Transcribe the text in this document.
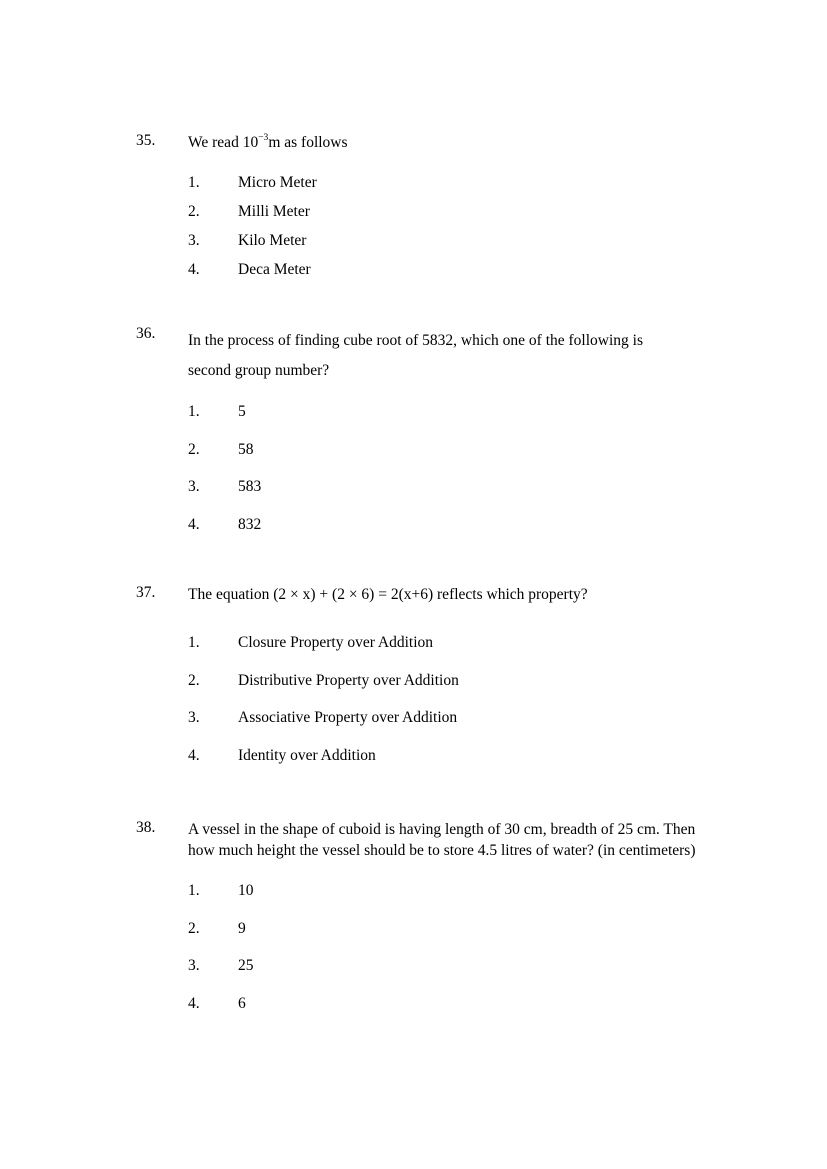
35.	We read $10^{-3}m$ as follows
1.	Micro Meter
2.	Milli Meter
3.	Kilo Meter
4.	Deca Meter
36.	In the process of finding cube root of 5832, which one of the following is second group number?
1.	5
2.	58
3.	583
4.	832
37.	The equation (2 × x) + (2 × 6) = 2(x+6) reflects which property?
1.	Closure Property over Addition
2.	Distributive Property over Addition
3.	Associative Property over Addition
4.	Identity over Addition
38.	A vessel in the shape of cuboid is having length of 30 cm, breadth of 25 cm. Then how much height the vessel should be to store 4.5 litres of water? (in centimeters)
1.	10
2.	9
3.	25
4.	6
